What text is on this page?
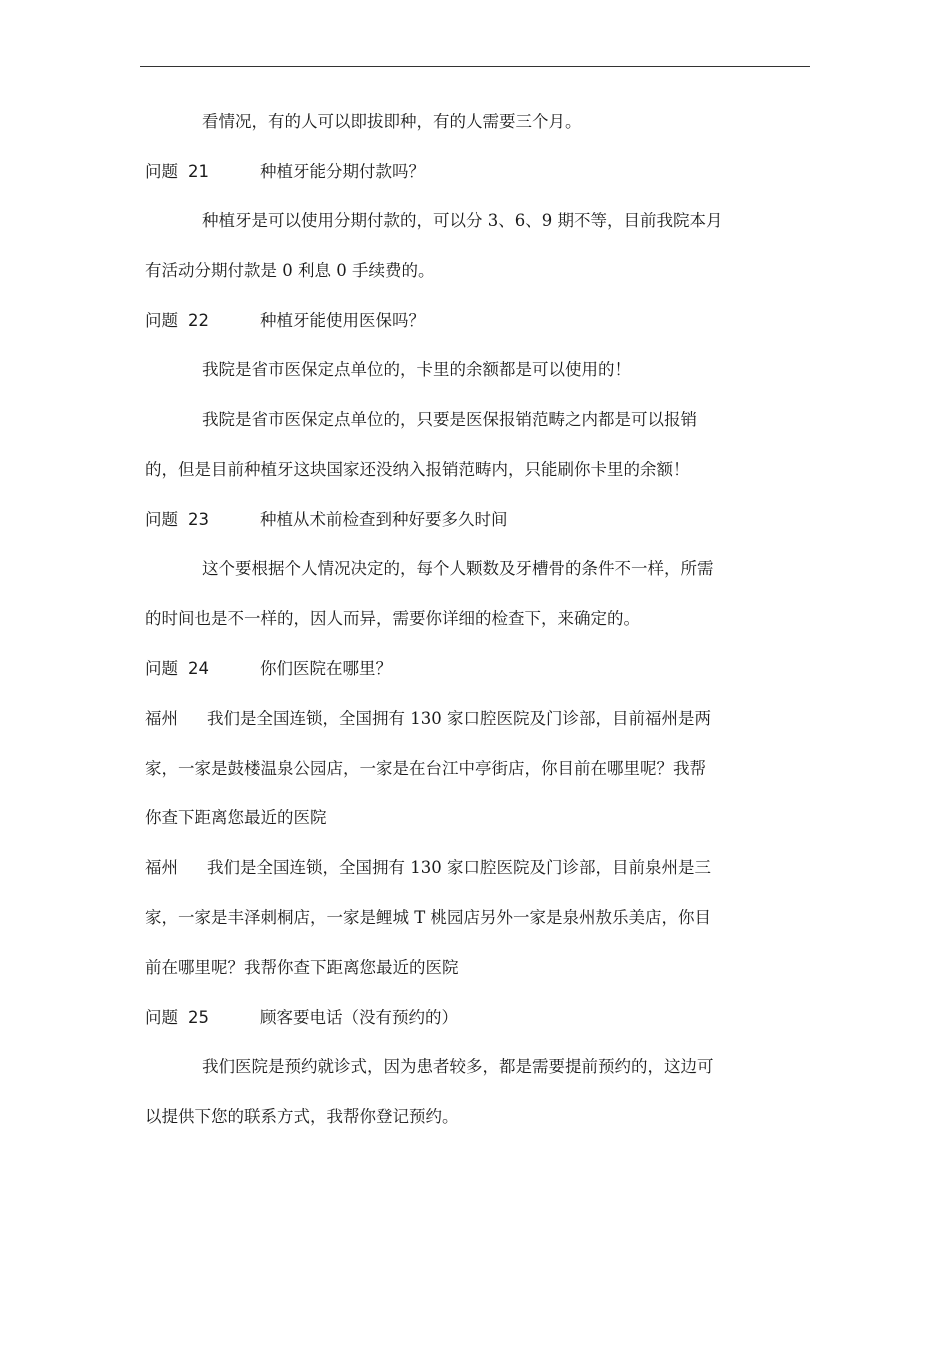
看情况，有的人可以即拔即种，有的人需要三个月。
问题 21	种植牙能分期付款吗？
种植牙是可以使用分期付款的，可以分 3、6、9 期不等，目前我院本月
有活动分期付款是 0 利息 0 手续费的。
问题 22	种植牙能使用医保吗？
我院是省市医保定点单位的，卡里的余额都是可以使用的！
我院是省市医保定点单位的，只要是医保报销范畴之内都是可以报销
的，但是目前种植牙这块国家还没纳入报销范畴内，只能刷你卡里的余额！
问题 23	种植从术前检查到种好要多久时间
这个要根据个人情况决定的，每个人颗数及牙槽骨的条件不一样，所需
的时间也是不一样的，因人而异，需要你详细的检查下，来确定的。
问题 24	你们医院在哪里？
福州 我们是全国连锁，全国拥有 130 家口腔医院及门诊部，目前福州是两
家，一家是鼓楼温泉公园店，一家是在台江中亭街店，你目前在哪里呢？我帮
你查下距离您最近的医院
福州 我们是全国连锁，全国拥有 130 家口腔医院及门诊部，目前泉州是三
家，一家是丰泽刺桐店，一家是鲤城 T 桃园店另外一家是泉州敖乐美店，你目
前在哪里呢？我帮你查下距离您最近的医院
问题 25	顾客要电话（没有预约的）
我们医院是预约就诊式，因为患者较多，都是需要提前预约的，这边可
以提供下您的联系方式，我帮你登记预约。
